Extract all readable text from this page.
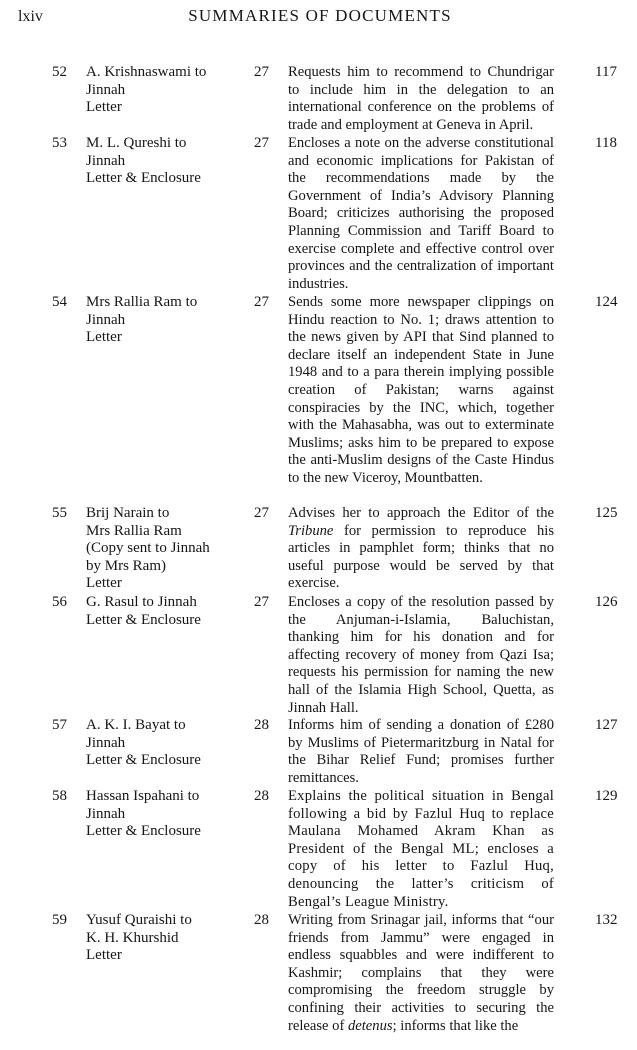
lxiv	SUMMARIES OF DOCUMENTS
52 A. Krishnaswami to
Jinnah
Letter
27 Requests him to recommend to Chundrigar to include him in the delegation to an international conference on the problems of trade and employment at Geneva in April.
117
53 M. L. Qureshi to
Jinnah
Letter & Enclosure
27 Encloses a note on the adverse constitutional and economic implications for Pakistan of the recommendations made by the Government of India’s Advisory Planning Board; criticizes authorising the proposed Planning Commission and Tariff Board to exercise complete and effective control over provinces and the centralization of important industries.
118
54 Mrs Rallia Ram to
Jinnah
Letter
27 Sends some more newspaper clippings on Hindu reaction to No. 1; draws attention to the news given by API that Sind planned to declare itself an independent State in June 1948 and to a para therein implying possible creation of Pakistan; warns against conspiracies by the INC, which, together with the Mahasabha, was out to exterminate Muslims; asks him to be prepared to expose the anti-Muslim designs of the Caste Hindus to the new Viceroy, Mountbatten.
124
55 Brij Narain to
Mrs Rallia Ram
(Copy sent to Jinnah
by Mrs Ram)
Letter
27 Advises her to approach the Editor of the Tribune for permission to reproduce his articles in pamphlet form; thinks that no useful purpose would be served by that exercise.
125
56 G. Rasul to Jinnah
Letter & Enclosure
27 Encloses a copy of the resolution passed by the Anjuman-i-Islamia, Baluchistan, thanking him for his donation and for affecting recovery of money from Qazi Isa; requests his permission for naming the new hall of the Islamia High School, Quetta, as Jinnah Hall.
126
57 A. K. I. Bayat to
Jinnah
Letter & Enclosure
28 Informs him of sending a donation of £280 by Muslims of Pietermaritzburg in Natal for the Bihar Relief Fund; promises further remittances.
127
58 Hassan Ispahani to
Jinnah
Letter & Enclosure
28 Explains the political situation in Bengal following a bid by Fazlul Huq to replace Maulana Mohamed Akram Khan as President of the Bengal ML; encloses a copy of his letter to Fazlul Huq, denouncing the latter’s criticism of Bengal’s League Ministry.
129
59 Yusuf Quraishi to
K. H. Khurshid
Letter
28 Writing from Srinagar jail, informs that “our friends from Jammu” were engaged in endless squabbles and were indifferent to Kashmir; complains that they were compromising the freedom struggle by confining their activities to securing the release of detenus; informs that like the
132
